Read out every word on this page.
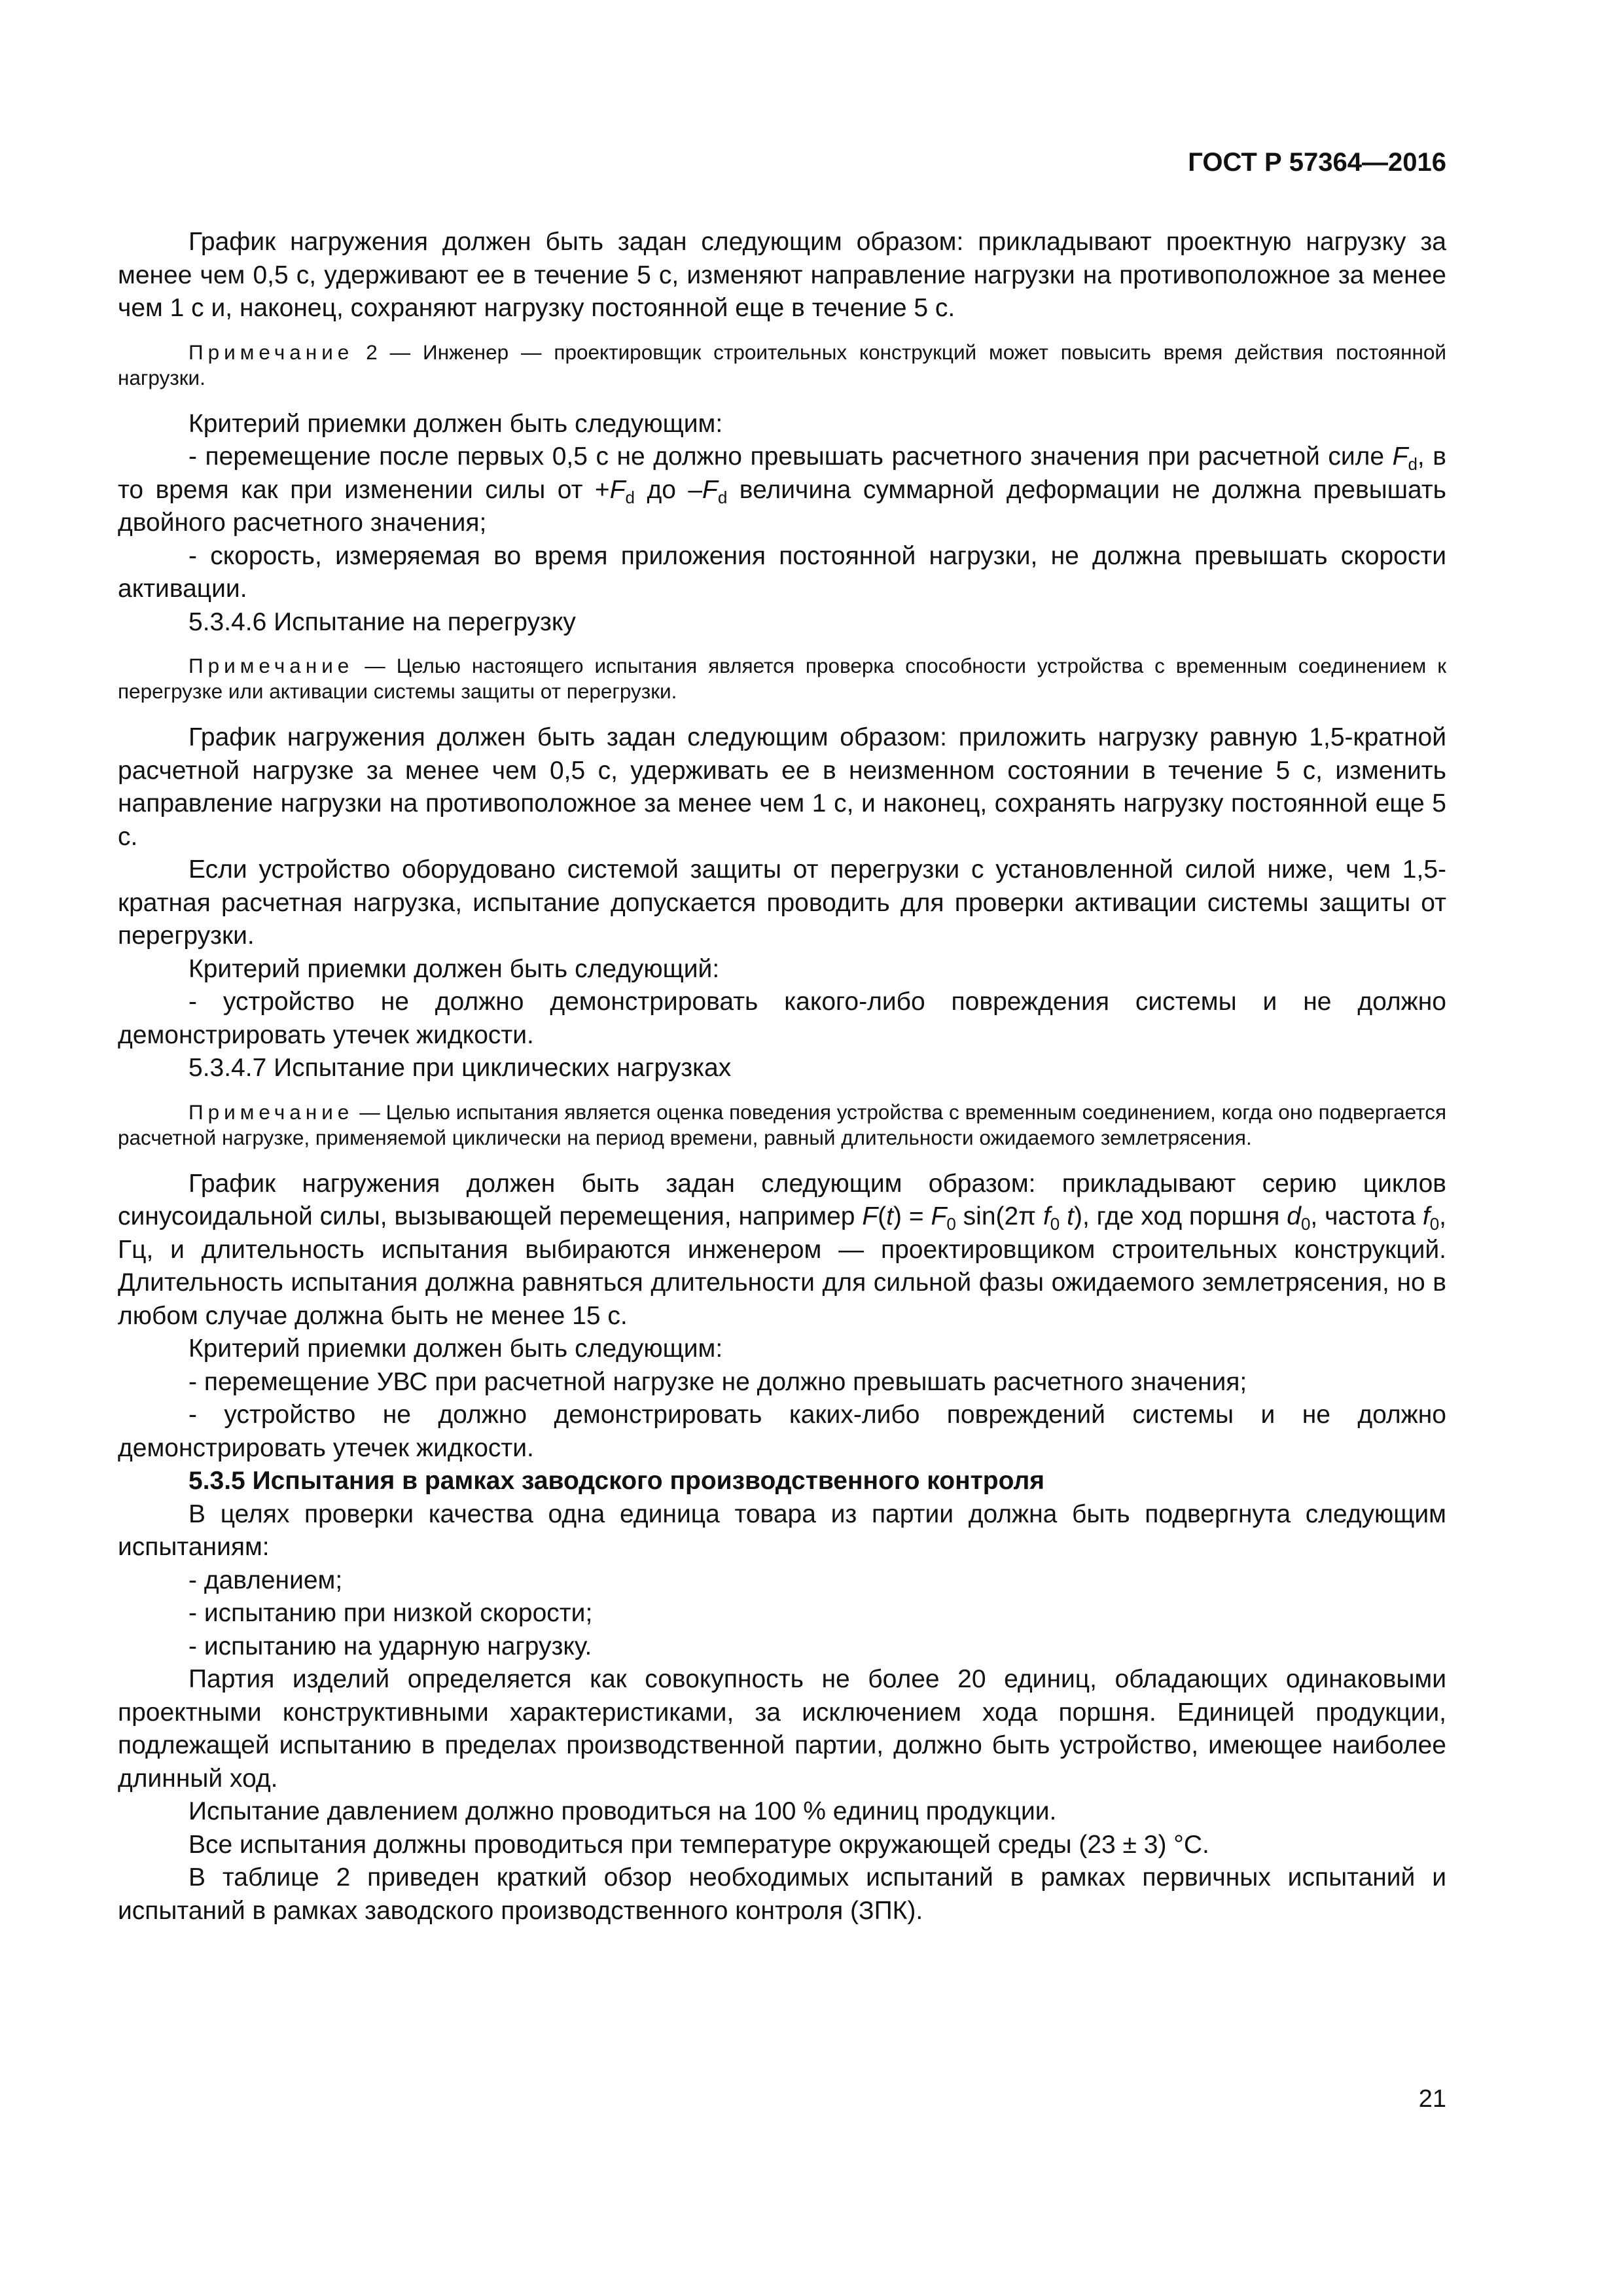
ГОСТ Р 57364—2016

График нагружения должен быть задан следующим образом: прикладывают проектную нагрузку за менее чем 0,5 с, удерживают ее в течение 5 с, изменяют направление нагрузки на противоположное за менее чем 1 с и, наконец, сохраняют нагрузку постоянной еще в течение 5 с.

Примечание 2 — Инженер — проектировщик строительных конструкций может повысить время действия постоянной нагрузки.

Критерий приемки должен быть следующим:

- перемещение после первых 0,5 с не должно превышать расчетного значения при расчетной силе $F_d$, в то время как при изменении силы от $+F_d$ до $-F_d$ величина суммарной деформации не должна превышать двойного расчетного значения;

- скорость, измеряемая во время приложения постоянной нагрузки, не должна превышать скорости активации.

5.3.4.6 Испытание на перегрузку

Примечание — Целью настоящего испытания является проверка способности устройства с временным соединением к перегрузке или активации системы защиты от перегрузки.

График нагружения должен быть задан следующим образом: приложить нагрузку равную 1,5-кратной расчетной нагрузке за менее чем 0,5 с, удерживать ее в неизменном состоянии в течение 5 с, изменить направление нагрузки на противоположное за менее чем 1 с, и наконец, сохранять нагрузку постоянной еще 5 с.

Если устройство оборудовано системой защиты от перегрузки с установленной силой ниже, чем 1,5-кратная расчетная нагрузка, испытание допускается проводить для проверки активации системы защиты от перегрузки.

Критерий приемки должен быть следующий:

- устройство не должно демонстрировать какого-либо повреждения системы и не должно демонстрировать утечек жидкости.

5.3.4.7 Испытание при циклических нагрузках

Примечание — Целью испытания является оценка поведения устройства с временным соединением, когда оно подвергается расчетной нагрузке, применяемой циклически на период времени, равный длительности ожидаемого землетрясения.

График нагружения должен быть задан следующим образом: прикладывают серию циклов синусоидальной силы, вызывающей перемещения, например $F(t) = F_0$ sin(2π $f_0$ t), где ход поршня $d_0$, частота $f_0$, Гц, и длительность испытания выбираются инженером — проектировщиком строительных конструкций. Длительность испытания должна равняться длительности для сильной фазы ожидаемого землетрясения, но в любом случае должна быть не менее 15 с.

Критерий приемки должен быть следующим:

- перемещение УВС при расчетной нагрузке не должно превышать расчетного значения;

- устройство не должно демонстрировать каких-либо повреждений системы и не должно демонстрировать утечек жидкости.

5.3.5 Испытания в рамках заводского производственного контроля

В целях проверки качества одна единица товара из партии должна быть подвергнута следующим испытаниям:

- давлением;

- испытанию при низкой скорости;

- испытанию на ударную нагрузку.

Партия изделий определяется как совокупность не более 20 единиц, обладающих одинаковыми проектными конструктивными характеристиками, за исключением хода поршня. Единицей продукции, подлежащей испытанию в пределах производственной партии, должно быть устройство, имеющее наиболее длинный ход.

Испытание давлением должно проводиться на 100 % единиц продукции.

Все испытания должны проводиться при температуре окружающей среды (23 ± 3) °С.

В таблице 2 приведен краткий обзор необходимых испытаний в рамках первичных испытаний и испытаний в рамках заводского производственного контроля (ЗПК).

21
